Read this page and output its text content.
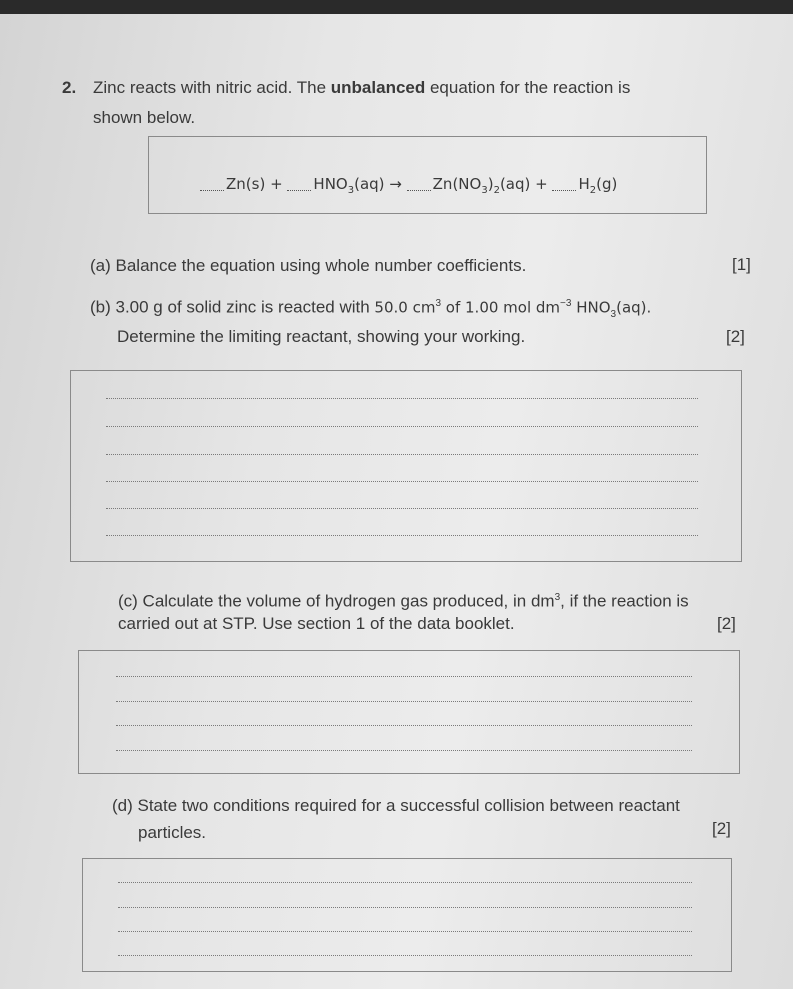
2. Zinc reacts with nitric acid. The unbalanced equation for the reaction is
shown below.
$Zn(s) + HNO_3(aq) \to Zn(NO_3)_2(aq) + H_2(g)$
(a) Balance the equation using whole number coefficients.	[1]
(b) 3.00 g of solid zinc is reacted with 50.0 $cm^3$ of 1.00 mol $dm^{-3}$ $HNO_3(aq)$.
Determine the limiting reactant, showing your working.	[2]
(c) Calculate the volume of hydrogen gas produced, in $dm^3$, if the reaction is
carried out at STP. Use section 1 of the data booklet.	[2]
(d) State two conditions required for a successful collision between reactant
particles.	[2]
